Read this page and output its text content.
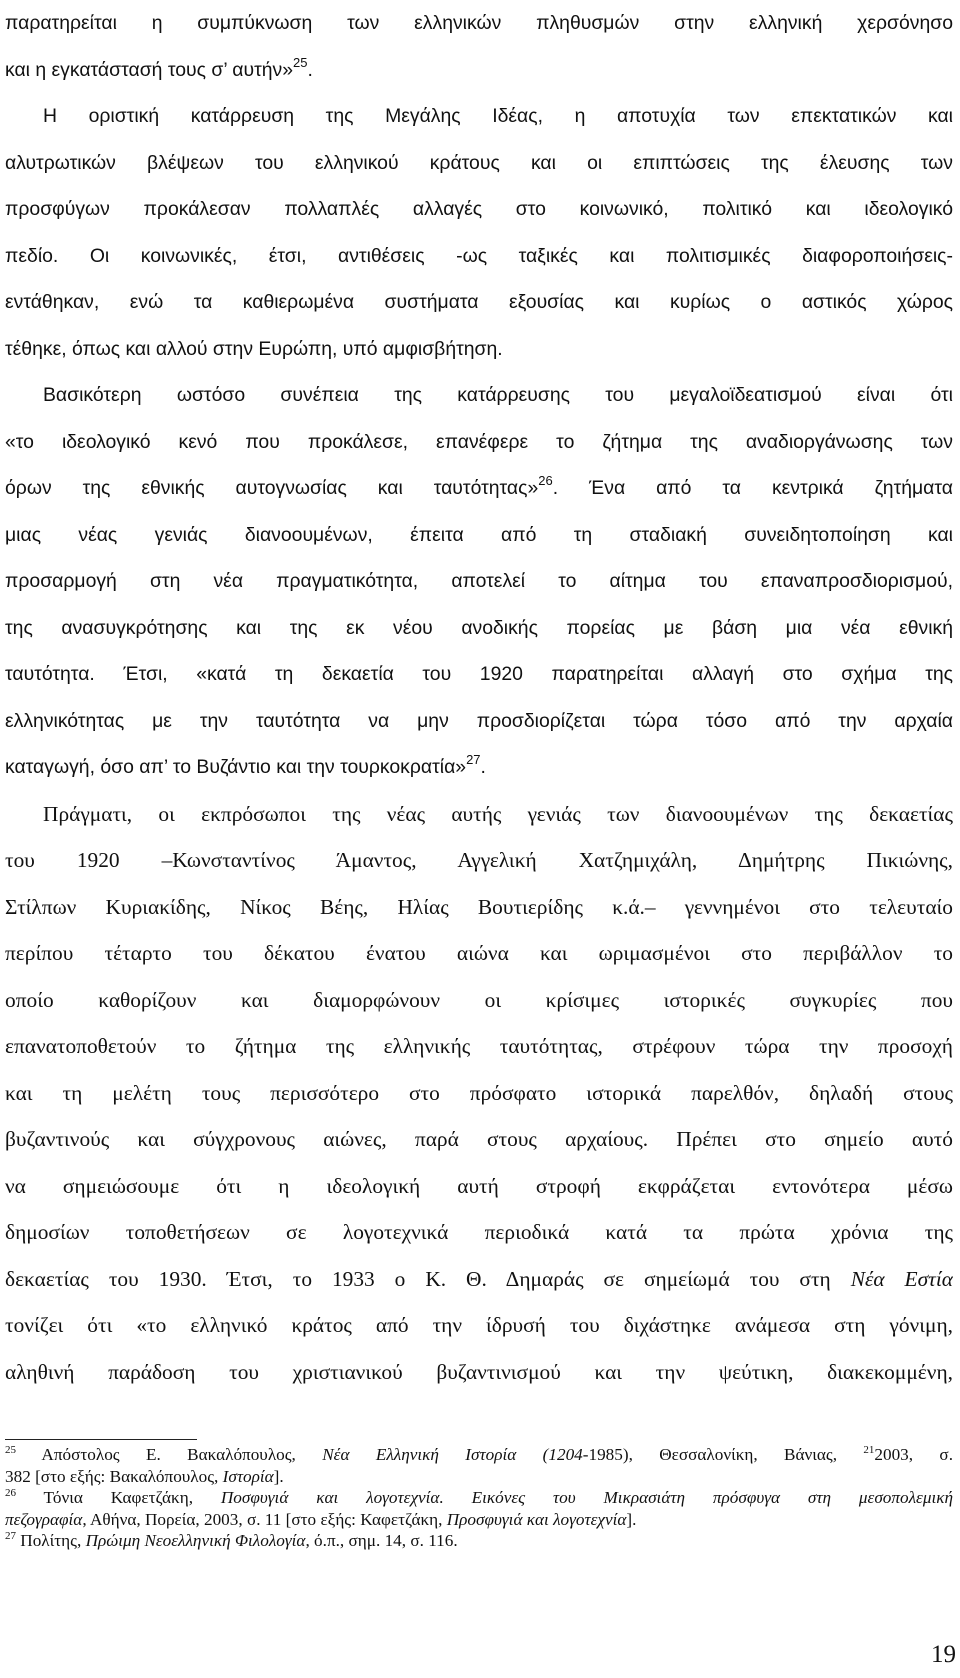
παρατηρείται η συμπύκνωση των ελληνικών πληθυσμών στην ελληνική χερσόνησο
και η εγκατάστασή τους σ’ αυτήν»$^{25}$.
Η οριστική κατάρρευση της Μεγάλης Ιδέας, η αποτυχία των επεκτατικών και
αλυτρωτικών βλέψεων του ελληνικού κράτους και οι επιπτώσεις της έλευσης των
προσφύγων προκάλεσαν πολλαπλές αλλαγές στο κοινωνικό, πολιτικό και ιδεολογικό
πεδίο. Οι κοινωνικές, έτσι, αντιθέσεις -ως ταξικές και πολιτισμικές διαφοροποιήσεις-
εντάθηκαν, ενώ τα καθιερωμένα συστήματα εξουσίας και κυρίως ο αστικός χώρος
τέθηκε, όπως και αλλού στην Ευρώπη, υπό αμφισβήτηση.
Βασικότερη ωστόσο συνέπεια της κατάρρευσης του μεγαλοϊδεατισμού είναι ότι
«το ιδεολογικό κενό που προκάλεσε, επανέφερε το ζήτημα της αναδιοργάνωσης των
όρων της εθνικής αυτογνωσίας και ταυτότητας»$^{26}$. Ένα από τα κεντρικά ζητήματα
μιας νέας γενιάς διανοουμένων, έπειτα από τη σταδιακή συνειδητοποίηση και
προσαρμογή στη νέα πραγματικότητα, αποτελεί το αίτημα του επαναπροσδιορισμού,
της ανασυγκρότησης και της εκ νέου ανοδικής πορείας με βάση μια νέα εθνική
ταυτότητα. Έτσι, «κατά τη δεκαετία του 1920 παρατηρείται αλλαγή στο σχήμα της
ελληνικότητας με την ταυτότητα να μην προσδιορίζεται τώρα τόσο από την αρχαία
καταγωγή, όσο απ’ το Βυζάντιο και την τουρκοκρατία»$^{27}$.
Πράγματι, οι εκπρόσωποι της νέας αυτής γενιάς των διανοουμένων της δεκαετίας
του 1920 –Κωνσταντίνος Άμαντος, Αγγελική Χατζημιχάλη, Δημήτρης Πικιώνης,
Στίλπων Κυριακίδης, Νίκος Βέης, Ηλίας Βουτιερίδης κ.ά.– γεννημένοι στο τελευταίο
περίπου τέταρτο του δέκατου ένατου αιώνα και ωριμασμένοι στο περιβάλλον το
οποίο καθορίζουν και διαμορφώνουν οι κρίσιμες ιστορικές συγκυρίες που
επανατοποθετούν το ζήτημα της ελληνικής ταυτότητας, στρέφουν τώρα την προσοχή
και τη μελέτη τους περισσότερο στο πρόσφατο ιστορικά παρελθόν, δηλαδή στους
βυζαντινούς και σύγχρονους αιώνες, παρά στους αρχαίους. Πρέπει στο σημείο αυτό
να σημειώσουμε ότι η ιδεολογική αυτή στροφή εκφράζεται εντονότερα μέσω
δημοσίων τοποθετήσεων σε λογοτεχνικά περιοδικά κατά τα πρώτα χρόνια της
δεκαετίας του 1930. Έτσι, το 1933 ο Κ. Θ. Δημαράς σε σημείωμά του στη Νέα Εστία
τονίζει ότι «το ελληνικό κράτος από την ίδρυσή του διχάστηκε ανάμεσα στη γόνιμη,
αληθινή παράδοση του χριστιανικού βυζαντινισμού και την ψεύτικη, διακεκομμένη,
$^{25}$ Απόστολος Ε. Βακαλόπουλος, Νέα Ελληνική Ιστορία (1204-1985), Θεσσαλονίκη, Βάνιας, $^{21}$2003, σ.
382 [στο εξής: Βακαλόπουλος, Ιστορία].
$^{26}$ Τόνια Καφετζάκη, Ποσφυγιά και λογοτεχνία. Εικόνες του Μικρασιάτη πρόσφυγα στη μεσοπολεμική
πεζογραφία, Αθήνα, Πορεία, 2003, σ. 11 [στο εξής: Καφετζάκη, Προσφυγιά και λογοτεχνία].
$^{27}$ Πολίτης, Πρώιμη Νεοελληνική Φιλολογία, ό.π., σημ. 14, σ. 116.
19
